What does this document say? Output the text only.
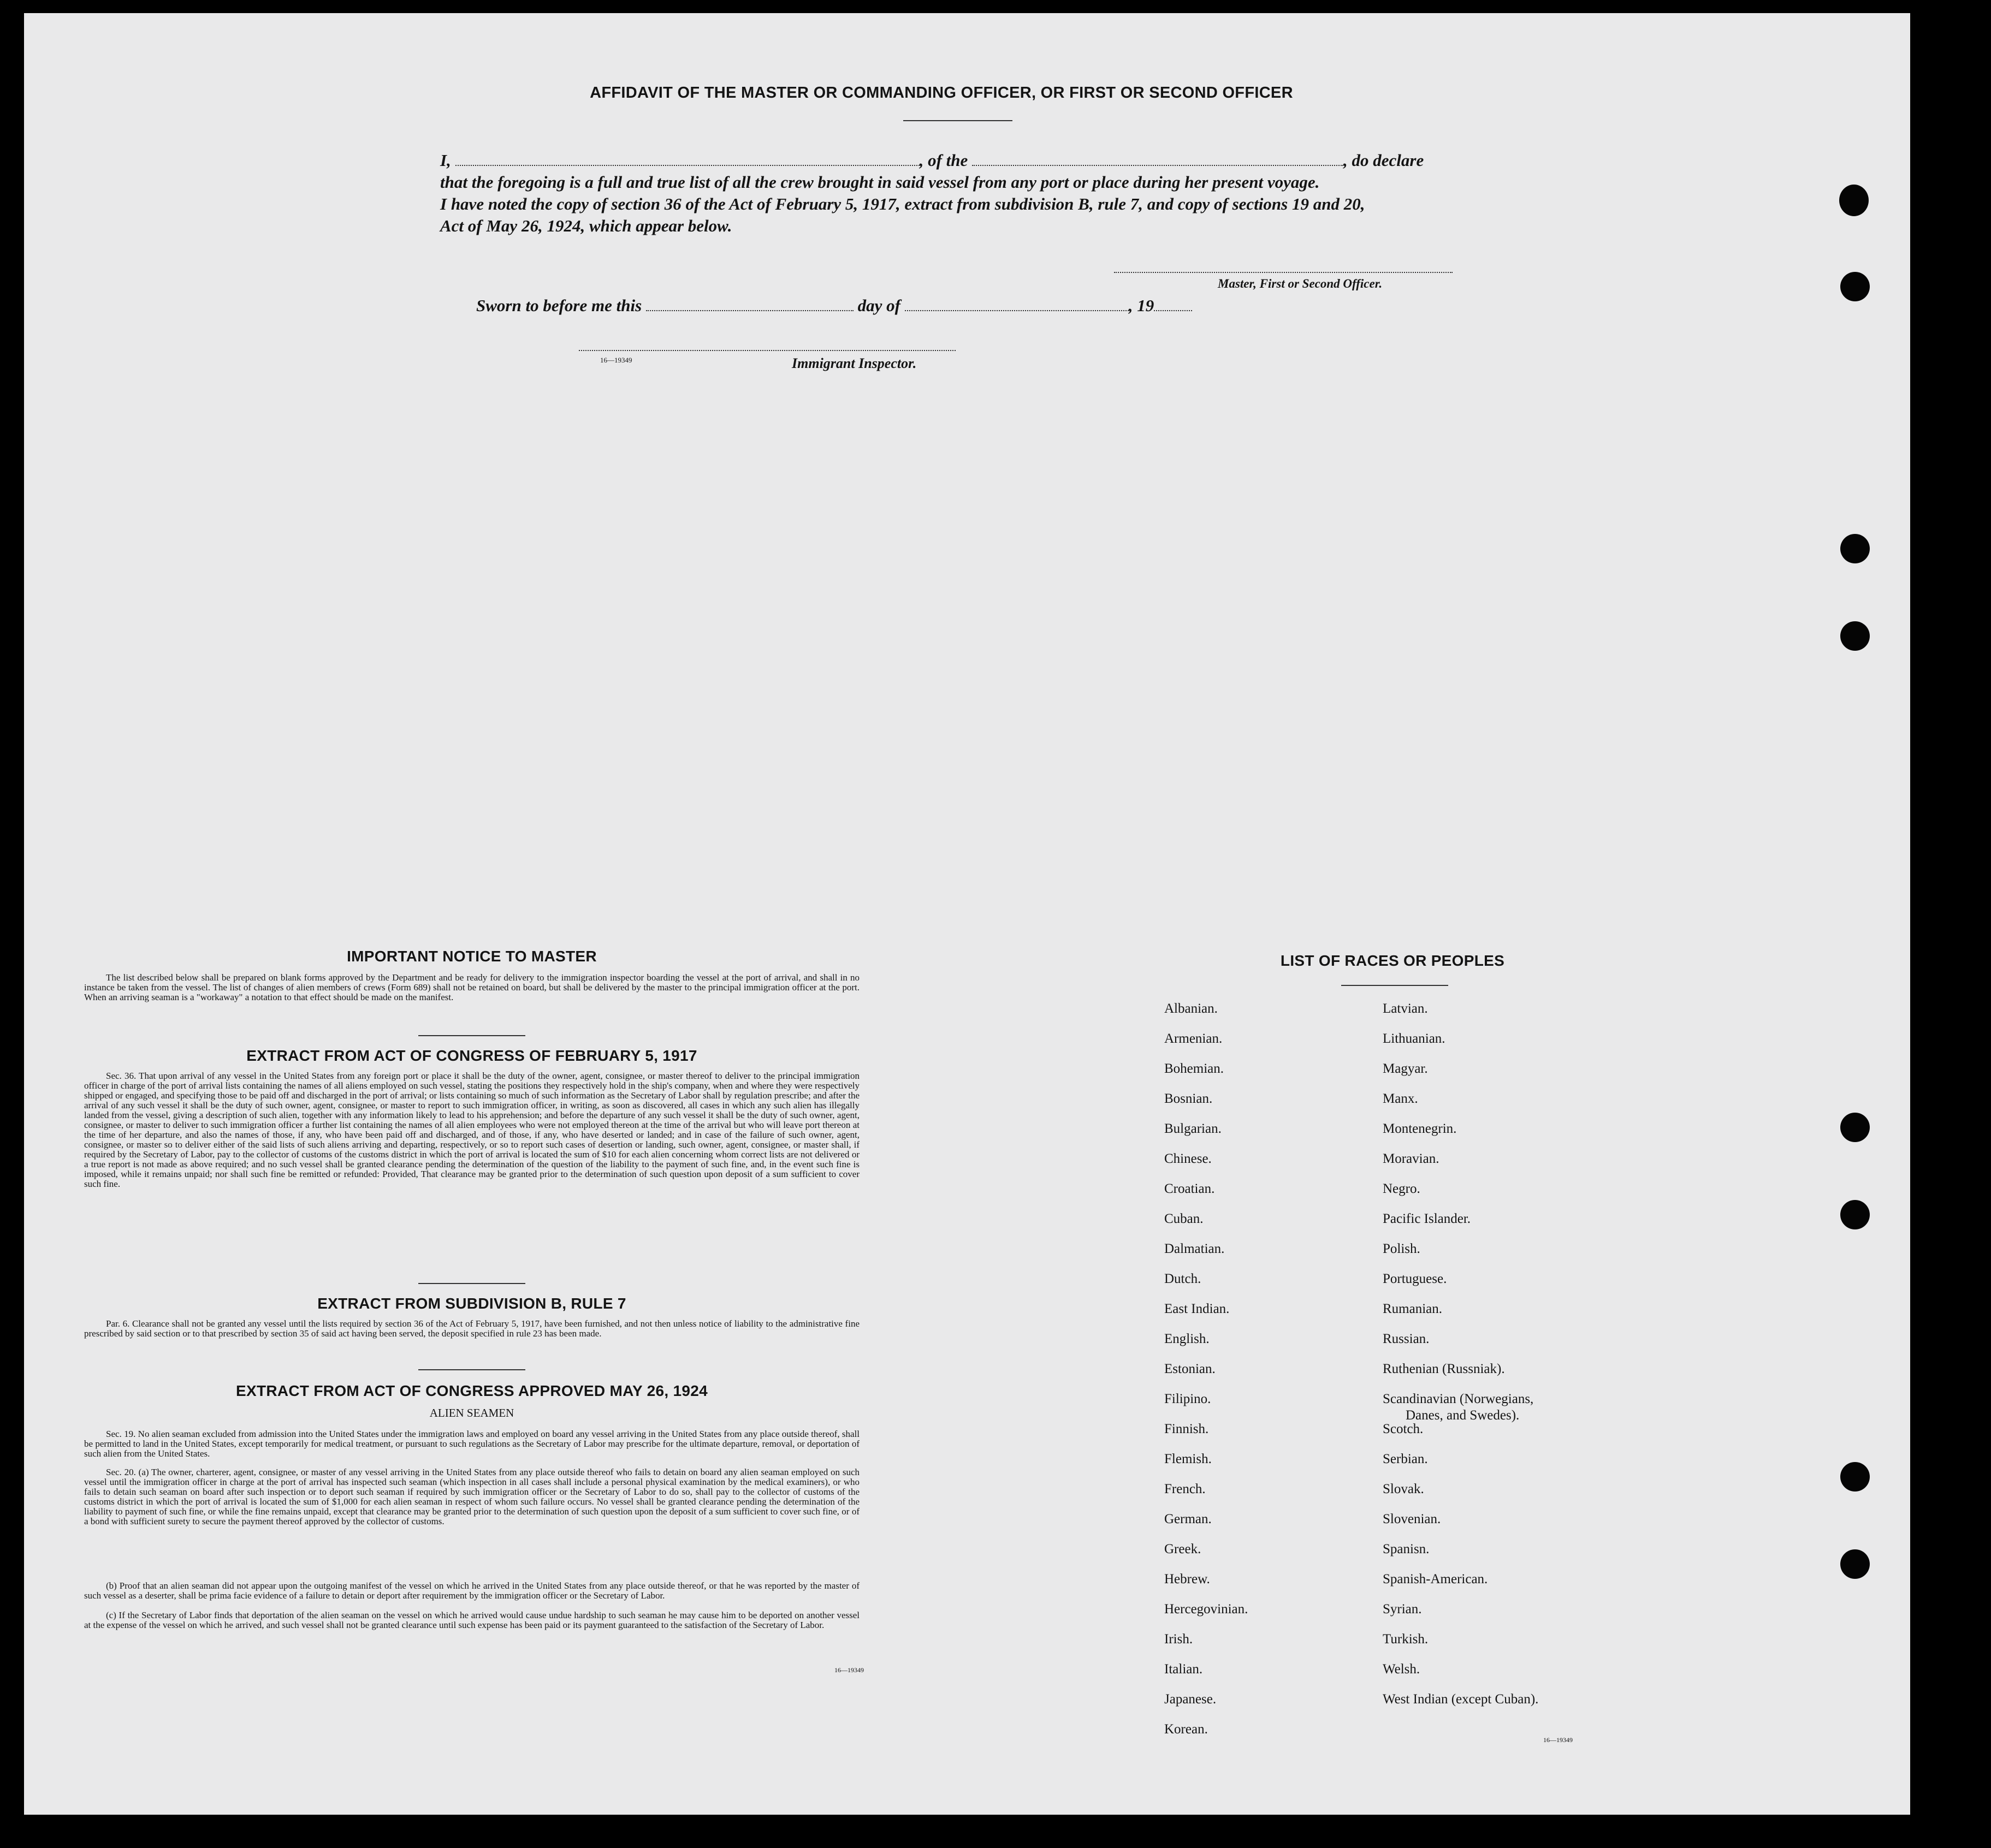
AFFIDAVIT OF THE MASTER OR COMMANDING OFFICER, OR FIRST OR SECOND OFFICER
I,	, of the	, do declare
that the foregoing is a full and true list of all the crew brought in said vessel from any port or place during her present voyage.
I have noted the copy of section 36 of the Act of February 5, 1917, extract from subdivision B, rule 7, and copy of sections 19 and 20,
Act of May 26, 1924, which appear below.
Master, First or Second Officer.
Sworn to before me this	day of	, 19
16—19349	Immigrant Inspector.
IMPORTANT NOTICE TO MASTER
The list described below shall be prepared on blank forms approved by the Department and be ready for delivery to the immigration inspector boarding the vessel at the port of arrival, and shall in no instance be taken from the vessel. The list of changes of alien members of crews (Form 689) shall not be retained on board, but shall be delivered by the master to the principal immigration officer at the port. When an arriving seaman is a "workaway" a notation to that effect should be made on the manifest.
EXTRACT FROM ACT OF CONGRESS OF FEBRUARY 5, 1917
Sec. 36. That upon arrival of any vessel in the United States from any foreign port or place it shall be the duty of the owner, agent, consignee, or master thereof to deliver to the principal immigration officer in charge of the port of arrival lists containing the names of all aliens employed on such vessel, stating the positions they respectively hold in the ship's company, when and where they were respectively shipped or engaged, and specifying those to be paid off and discharged in the port of arrival; or lists containing so much of such information as the Secretary of Labor shall by regulation prescribe; and after the arrival of any such vessel it shall be the duty of such owner, agent, consignee, or master to report to such immigration officer, in writing, as soon as discovered, all cases in which any such alien has illegally landed from the vessel, giving a description of such alien, together with any information likely to lead to his apprehension; and before the departure of any such vessel it shall be the duty of such owner, agent, consignee, or master to deliver to such immigration officer a further list containing the names of all alien employees who were not employed thereon at the time of the arrival but who will leave port thereon at the time of her departure, and also the names of those, if any, who have been paid off and discharged, and of those, if any, who have deserted or landed; and in case of the failure of such owner, agent, consignee, or master so to deliver either of the said lists of such aliens arriving and departing, respectively, or so to report such cases of desertion or landing, such owner, agent, consignee, or master shall, if required by the Secretary of Labor, pay to the collector of customs of the customs district in which the port of arrival is located the sum of $10 for each alien concerning whom correct lists are not delivered or a true report is not made as above required; and no such vessel shall be granted clearance pending the determination of the question of the liability to the payment of such fine, and, in the event such fine is imposed, while it remains unpaid; nor shall such fine be remitted or refunded: Provided, That clearance may be granted prior to the determination of such question upon deposit of a sum sufficient to cover such fine.
EXTRACT FROM SUBDIVISION B, RULE 7
Par. 6. Clearance shall not be granted any vessel until the lists required by section 36 of the Act of February 5, 1917, have been furnished, and not then unless notice of liability to the administrative fine prescribed by said section or to that prescribed by section 35 of said act having been served, the deposit specified in rule 23 has been made.
EXTRACT FROM ACT OF CONGRESS APPROVED MAY 26, 1924
ALIEN SEAMEN
Sec. 19. No alien seaman excluded from admission into the United States under the immigration laws and employed on board any vessel arriving in the United States from any place outside thereof, shall be permitted to land in the United States, except temporarily for medical treatment, or pursuant to such regulations as the Secretary of Labor may prescribe for the ultimate departure, removal, or deportation of such alien from the United States.
Sec. 20. (a) The owner, charterer, agent, consignee, or master of any vessel arriving in the United States from any place outside thereof who fails to detain on board any alien seaman employed on such vessel until the immigration officer in charge at the port of arrival has inspected such seaman (which inspection in all cases shall include a personal physical examination by the medical examiners), or who fails to detain such seaman on board after such inspection or to deport such seaman if required by such immigration officer or the Secretary of Labor to do so, shall pay to the collector of customs of the customs district in which the port of arrival is located the sum of $1,000 for each alien seaman in respect of whom such failure occurs. No vessel shall be granted clearance pending the determination of the liability to payment of such fine, or while the fine remains unpaid, except that clearance may be granted prior to the determination of such question upon the deposit of a sum sufficient to cover such fine, or of a bond with sufficient surety to secure the payment thereof approved by the collector of customs.
(b) Proof that an alien seaman did not appear upon the outgoing manifest of the vessel on which he arrived in the United States from any place outside thereof, or that he was reported by the master of such vessel as a deserter, shall be prima facie evidence of a failure to detain or deport after requirement by the immigration officer or the Secretary of Labor.
(c) If the Secretary of Labor finds that deportation of the alien seaman on the vessel on which he arrived would cause undue hardship to such seaman he may cause him to be deported on another vessel at the expense of the vessel on which he arrived, and such vessel shall not be granted clearance until such expense has been paid or its payment guaranteed to the satisfaction of the Secretary of Labor.
16—19349
LIST OF RACES OR PEOPLES
Albanian.
Armenian.
Bohemian.
Bosnian.
Bulgarian.
Chinese.
Croatian.
Cuban.
Dalmatian.
Dutch.
East Indian.
English.
Estonian.
Filipino.
Finnish.
Flemish.
French.
German.
Greek.
Hebrew.
Hercegovinian.
Irish.
Italian.
Japanese.
Korean.
Latvian.
Lithuanian.
Magyar.
Manx.
Montenegrin.
Moravian.
Negro.
Pacific Islander.
Polish.
Portuguese.
Rumanian.
Russian.
Ruthenian (Russniak).
Scandinavian (Norwegians,
Danes, and Swedes).
Scotch.
Serbian.
Slovak.
Slovenian.
Spanisn.
Spanish-American.
Syrian.
Turkish.
Welsh.
West Indian (except Cuban).
16—19349
